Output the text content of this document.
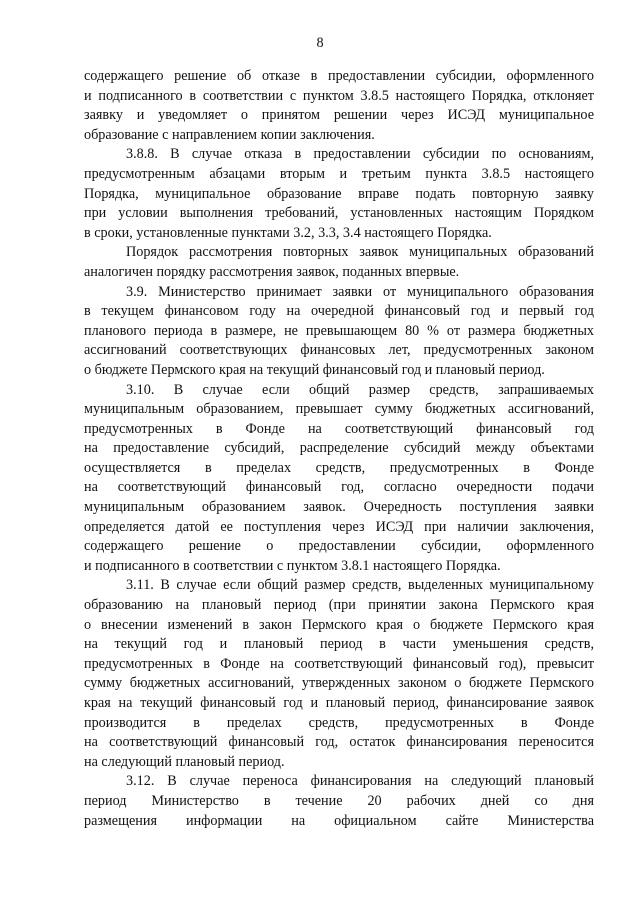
8
содержащего решение об отказе в предоставлении субсидии, оформленного
и подписанного в соответствии с пунктом 3.8.5 настоящего Порядка, отклоняет
заявку и уведомляет о принятом решении через ИСЭД муниципальное
образование с направлением копии заключения.
3.8.8. В случае отказа в предоставлении субсидии по основаниям,
предусмотренным абзацами вторым и третьим пункта 3.8.5 настоящего
Порядка, муниципальное образование вправе подать повторную заявку
при условии выполнения требований, установленных настоящим Порядком
в сроки, установленные пунктами 3.2, 3.3, 3.4 настоящего Порядка.
Порядок рассмотрения повторных заявок муниципальных образований
аналогичен порядку рассмотрения заявок, поданных впервые.
3.9. Министерство принимает заявки от муниципального образования
в текущем финансовом году на очередной финансовый год и первый год
планового периода в размере, не превышающем 80 % от размера бюджетных
ассигнований соответствующих финансовых лет, предусмотренных законом
о бюджете Пермского края на текущий финансовый год и плановый период.
3.10. В случае если общий размер средств, запрашиваемых
муниципальным образованием, превышает сумму бюджетных ассигнований,
предусмотренных в Фонде на соответствующий финансовый год
на предоставление субсидий, распределение субсидий между объектами
осуществляется в пределах средств, предусмотренных в Фонде
на соответствующий финансовый год, согласно очередности подачи
муниципальным образованием заявок. Очередность поступления заявки
определяется датой ее поступления через ИСЭД при наличии заключения,
содержащего решение о предоставлении субсидии, оформленного
и подписанного в соответствии с пунктом 3.8.1 настоящего Порядка.
3.11. В случае если общий размер средств, выделенных муниципальному
образованию на плановый период (при принятии закона Пермского края
о внесении изменений в закон Пермского края о бюджете Пермского края
на текущий год и плановый период в части уменьшения средств,
предусмотренных в Фонде на соответствующий финансовый год), превысит
сумму бюджетных ассигнований, утвержденных законом о бюджете Пермского
края на текущий финансовый год и плановый период, финансирование заявок
производится в пределах средств, предусмотренных в Фонде
на соответствующий финансовый год, остаток финансирования переносится
на следующий плановый период.
3.12. В случае переноса финансирования на следующий плановый
период Министерство в течение 20 рабочих дней со дня
размещения информации на официальном сайте Министерства
